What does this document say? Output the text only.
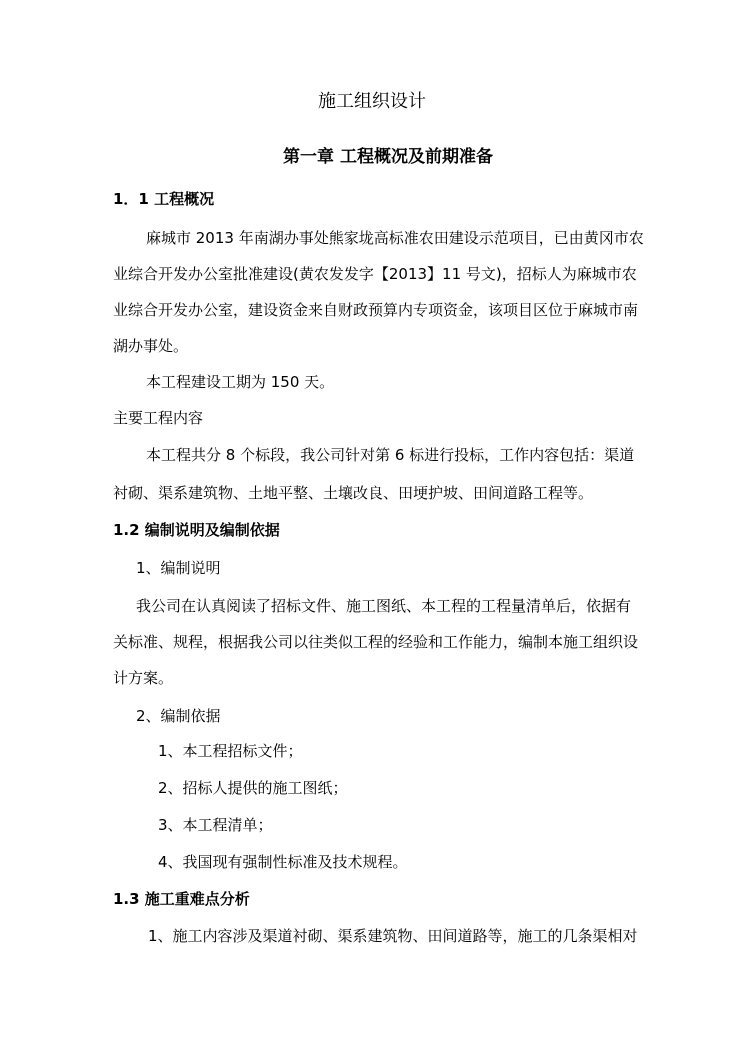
施工组织设计
第一章 工程概况及前期准备
1．1 工程概况
麻城市 2013 年南湖办事处熊家垅高标准农田建设示范项目，已由黄冈市农
业综合开发办公室批准建设(黄农发发字【2013】11 号文)，招标人为麻城市农
业综合开发办公室，建设资金来自财政预算内专项资金，该项目区位于麻城市南
湖办事处。
本工程建设工期为 150 天。
主要工程内容
本工程共分 8 个标段，我公司针对第 6 标进行投标，工作内容包括：渠道
衬砌、渠系建筑物、土地平整、土壤改良、田埂护坡、田间道路工程等。
1.2 编制说明及编制依据
1、编制说明
我公司在认真阅读了招标文件、施工图纸、本工程的工程量清单后，依据有
关标准、规程，根据我公司以往类似工程的经验和工作能力，编制本施工组织设
计方案。
2、编制依据
1、本工程招标文件；
2、招标人提供的施工图纸；
3、本工程清单；
4、我国现有强制性标准及技术规程。
1.3 施工重难点分析
1、施工内容涉及渠道衬砌、渠系建筑物、田间道路等，施工的几条渠相对
